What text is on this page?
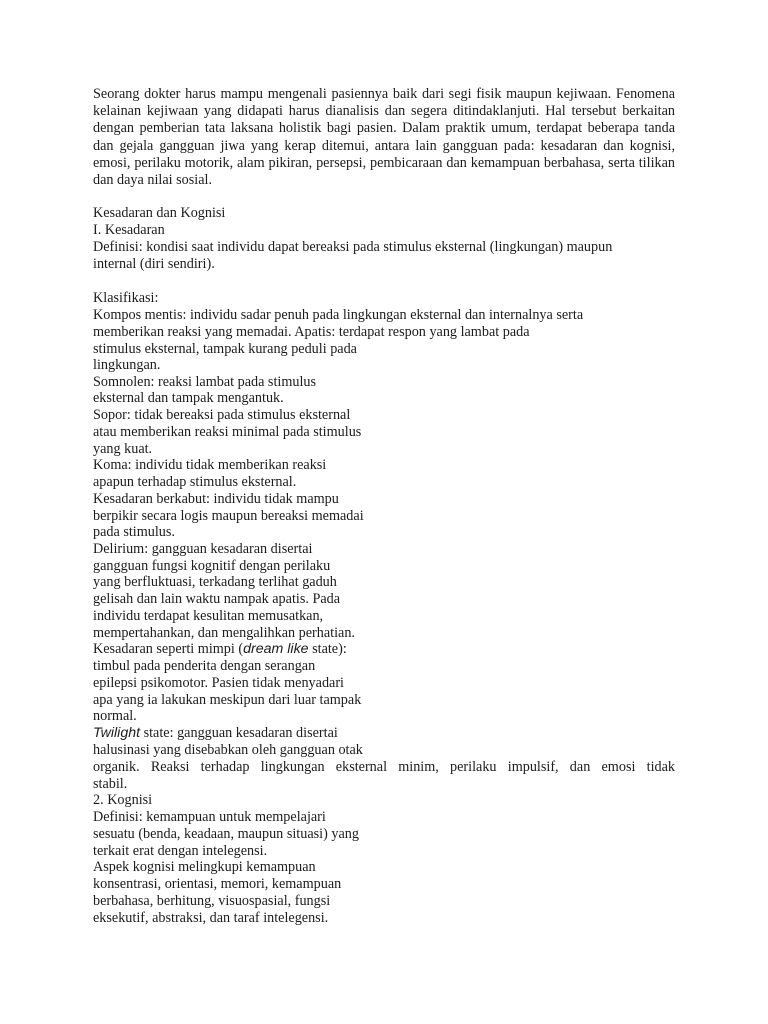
Seorang dokter harus mampu mengenali pasiennya baik dari segi fisik maupun kejiwaan. Fenomena kelainan kejiwaan yang didapati harus dianalisis dan segera ditindaklanjuti. Hal tersebut berkaitan dengan pemberian tata laksana holistik bagi pasien. Dalam praktik umum, terdapat beberapa tanda dan gejala gangguan jiwa yang kerap ditemui, antara lain gangguan pada: kesadaran dan kognisi, emosi, perilaku motorik, alam pikiran, persepsi, pembicaraan dan kemampuan berbahasa, serta tilikan dan daya nilai sosial.

Kesadaran dan Kognisi
I. Kesadaran
Definisi: kondisi saat individu dapat bereaksi pada stimulus eksternal (lingkungan) maupun
internal (diri sendiri).
Klasifikasi:
Kompos mentis: individu sadar penuh pada lingkungan eksternal dan internalnya serta
memberikan reaksi yang memadai. Apatis: terdapat respon yang lambat pada
stimulus eksternal, tampak kurang peduli pada
lingkungan.
Somnolen: reaksi lambat pada stimulus
eksternal dan tampak mengantuk.
Sopor: tidak bereaksi pada stimulus eksternal
atau memberikan reaksi minimal pada stimulus
yang kuat.
Koma: individu tidak memberikan reaksi
apapun terhadap stimulus eksternal.
Kesadaran berkabut: individu tidak mampu
berpikir secara logis maupun bereaksi memadai
pada stimulus.
Delirium: gangguan kesadaran disertai
gangguan fungsi kognitif dengan perilaku
yang berfluktuasi, terkadang terlihat gaduh
gelisah dan lain waktu nampak apatis. Pada
individu terdapat kesulitan memusatkan,
mempertahankan, dan mengalihkan perhatian.
Kesadaran seperti mimpi (dream like state):
timbul pada penderita dengan serangan
epilepsi psikomotor. Pasien tidak menyadari
apa yang ia lakukan meskipun dari luar tampak
normal.
Twilight state: gangguan kesadaran disertai
halusinasi yang disebabkan oleh gangguan otak
organik. Reaksi terhadap lingkungan eksternal minim, perilaku impulsif, dan emosi tidak
stabil.
2. Kognisi
Definisi: kemampuan untuk mempelajari
sesuatu (benda, keadaan, maupun situasi) yang
terkait erat dengan intelegensi.
Aspek kognisi melingkupi kemampuan
konsentrasi, orientasi, memori, kemampuan
berbahasa, berhitung, visuospasial, fungsi
eksekutif, abstraksi, dan taraf intelegensi.
